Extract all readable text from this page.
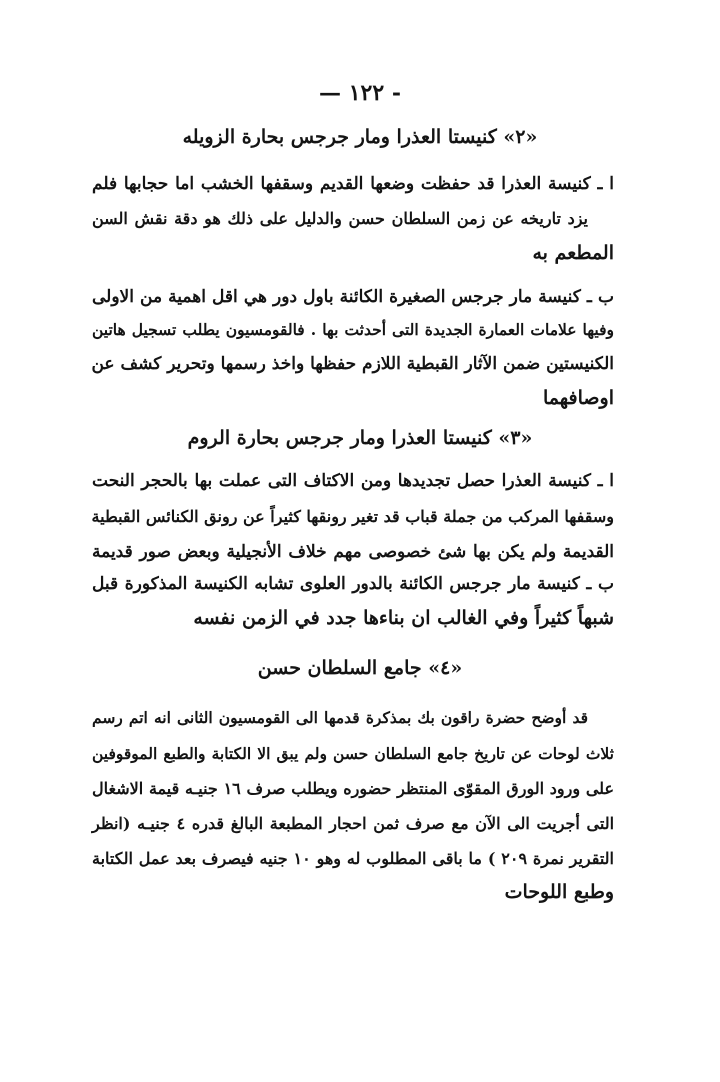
— ١٢٢ -
«٢» كنيستا العذرا ومار جرجس بحارة الزويله
ا ـ كنيسة العذرا قد حفظت وضعها القديم وسقفها الخشب اما حجابها فلم
يزد تاريخه عن زمن السلطان حسن والدليل على ذلك هو دقة نقش السن
المطعم به
ب ـ كنيسة مار جرجس الصغيرة الكائنة باول دور هي اقل اهمية من الاولى
وفيها علامات العمارة الجديدة التى أحدثت بها . فالقومسيون يطلب تسجيل هاتين
الكنيستين ضمن الآثار القبطية اللازم حفظها واخذ رسمها وتحرير كشف عن
اوصافهما
«٣» كنيستا العذرا ومار جرجس بحارة الروم
ا ـ كنيسة العذرا حصل تجديدها ومن الاكتاف التى عملت بها بالحجر النحت
وسقفها المركب من جملة قباب قد تغير رونقها كثيراً عن رونق الكنائس القبطية
القديمة ولم يكن بها شئ خصوصى مهم خلاف الأنجيلية وبعض صور قديمة
ب ـ كنيسة مار جرجس الكائنة بالدور العلوى تشابه الكنيسة المذكورة قبل
شبهاً كثيراً وفي الغالب ان بناءها جدد في الزمن نفسه
«٤» جامع السلطان حسن
قد أوضح حضرة راقون بك بمذكرة قدمها الى القومسيون الثانى انه اتم رسم
ثلاث لوحات عن تاريخ جامع السلطان حسن ولم يبق الا الكتابة والطبع الموقوفين
على ورود الورق المقوّى المنتظر حضوره ويطلب صرف ١٦ جنيـه قيمة الاشغال
التى أجريت الى الآن مع صرف ثمن احجار المطبعة البالغ قدره ٤ جنيـه (انظر
التقرير نمرة ٢٠٩ ) ما باقى المطلوب له وهو ١٠ جنيه فيصرف بعد عمل الكتابة
وطبع اللوحات
